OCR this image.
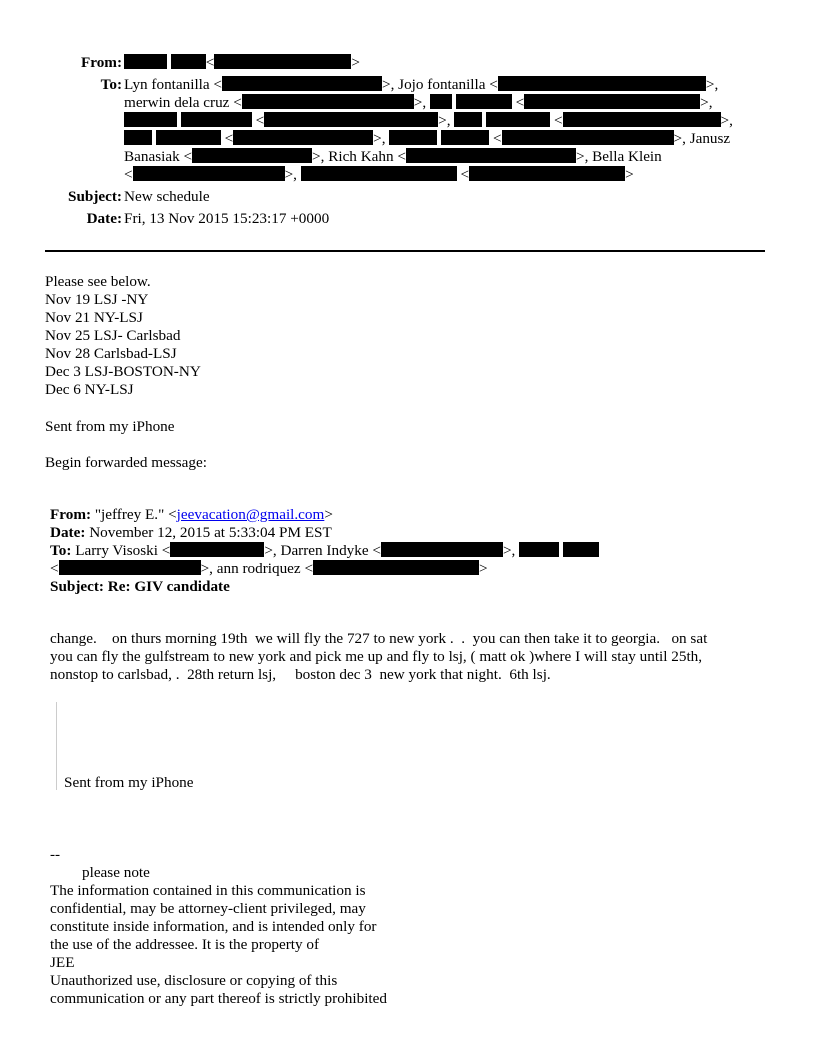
From:	<	>
To: Lyn fontanilla <	>, Jojo fontanilla <	>,
merwin dela cruz <	>,	<	>,
<	>,	<	>,
<	>,	<	>, Janusz
Banasiak <	>, Rich Kahn <	>, Bella Klein
<	>,	<	>
Subject: New schedule
Date: Fri, 13 Nov 2015 15:23:17 +0000
Please see below.
Nov 19 LSJ -NY
Nov 21 NY-LSJ
Nov 25 LSJ- Carlsbad
Nov 28 Carlsbad-LSJ
Dec 3 LSJ-BOSTON-NY
Dec 6 NY-LSJ
Sent from my iPhone
Begin forwarded message:
From: "jeffrey E." <jeevacation@gmail.com>
Date: November 12, 2015 at 5:33:04 PM EST
To: Larry Visoski <	>, Darren Indyke <	>,
<	>, ann rodriquez <	>
Subject: Re: GIV candidate
change.    on thurs morning 19th  we will fly the 727 to new york .  .  you can then take it to georgia.   on sat
you can fly the gulfstream to new york and pick me up and fly to lsj, ( matt ok )where I will stay until 25th,
nonstop to carlsbad, .  28th return lsj,     boston dec 3  new york that night.  6th lsj.
Sent from my iPhone
--
please note
The information contained in this communication is
confidential, may be attorney-client privileged, may
constitute inside information, and is intended only for
the use of the addressee. It is the property of
JEE
Unauthorized use, disclosure or copying of this
communication or any part thereof is strictly prohibited
